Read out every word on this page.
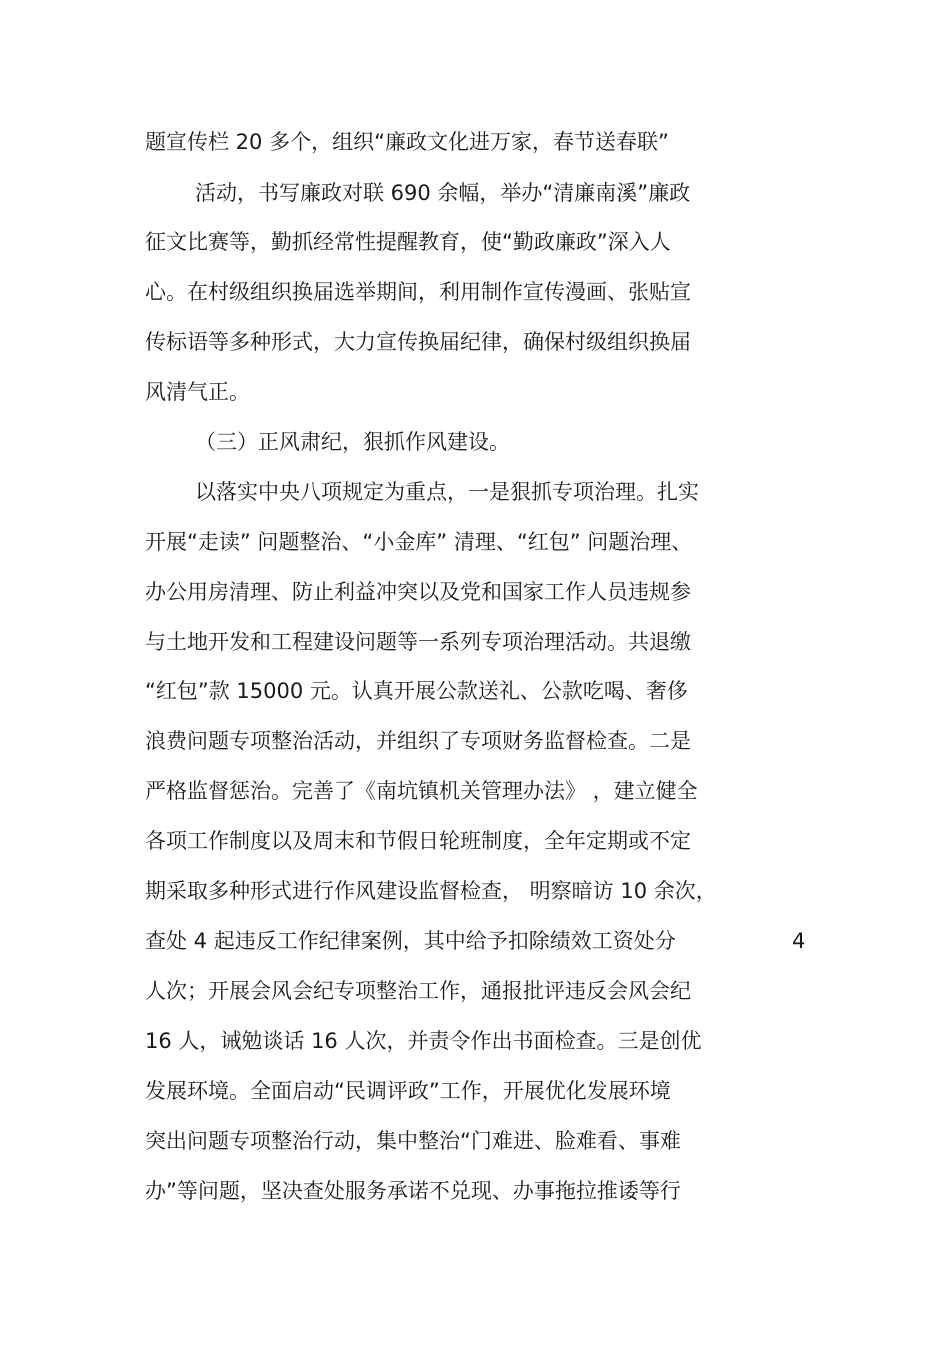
题宣传栏 20 多个，组织“廉政文化进万家，春节送春联”
活动，书写廉政对联 690 余幅，举办“清廉南溪”廉政
征文比赛等，勤抓经常性提醒教育，使“勤政廉政”深入人
心。在村级组织换届选举期间，利用制作宣传漫画、张贴宣
传标语等多种形式，大力宣传换届纪律，确保村级组织换届
风清气正。
（三）正风肃纪，狠抓作风建设。
以落实中央八项规定为重点，一是狠抓专项治理。扎实
开展“走读” 问题整治、“小金库” 清理、“红包” 问题治理、
办公用房清理、防止利益冲突以及党和国家工作人员违规参
与土地开发和工程建设问题等一系列专项治理活动。共退缴
“红包”款 15000 元。认真开展公款送礼、公款吃喝、奢侈
浪费问题专项整治活动，并组织了专项财务监督检查。二是
严格监督惩治。完善了《南坑镇机关管理办法》 ，建立健全
各项工作制度以及周末和节假日轮班制度，全年定期或不定
期采取多种形式进行作风建设监督检查， 明察暗访 10 余次，
查处 4 起违反工作纪律案例，其中给予扣除绩效工资处分	4
人次；开展会风会纪专项整治工作，通报批评违反会风会纪
16 人，诫勉谈话 16 人次，并责令作出书面检查。三是创优
发展环境。全面启动“民调评政”工作，开展优化发展环境
突出问题专项整治行动，集中整治“门难进、脸难看、事难
办”等问题，坚决查处服务承诺不兑现、办事拖拉推诿等行
